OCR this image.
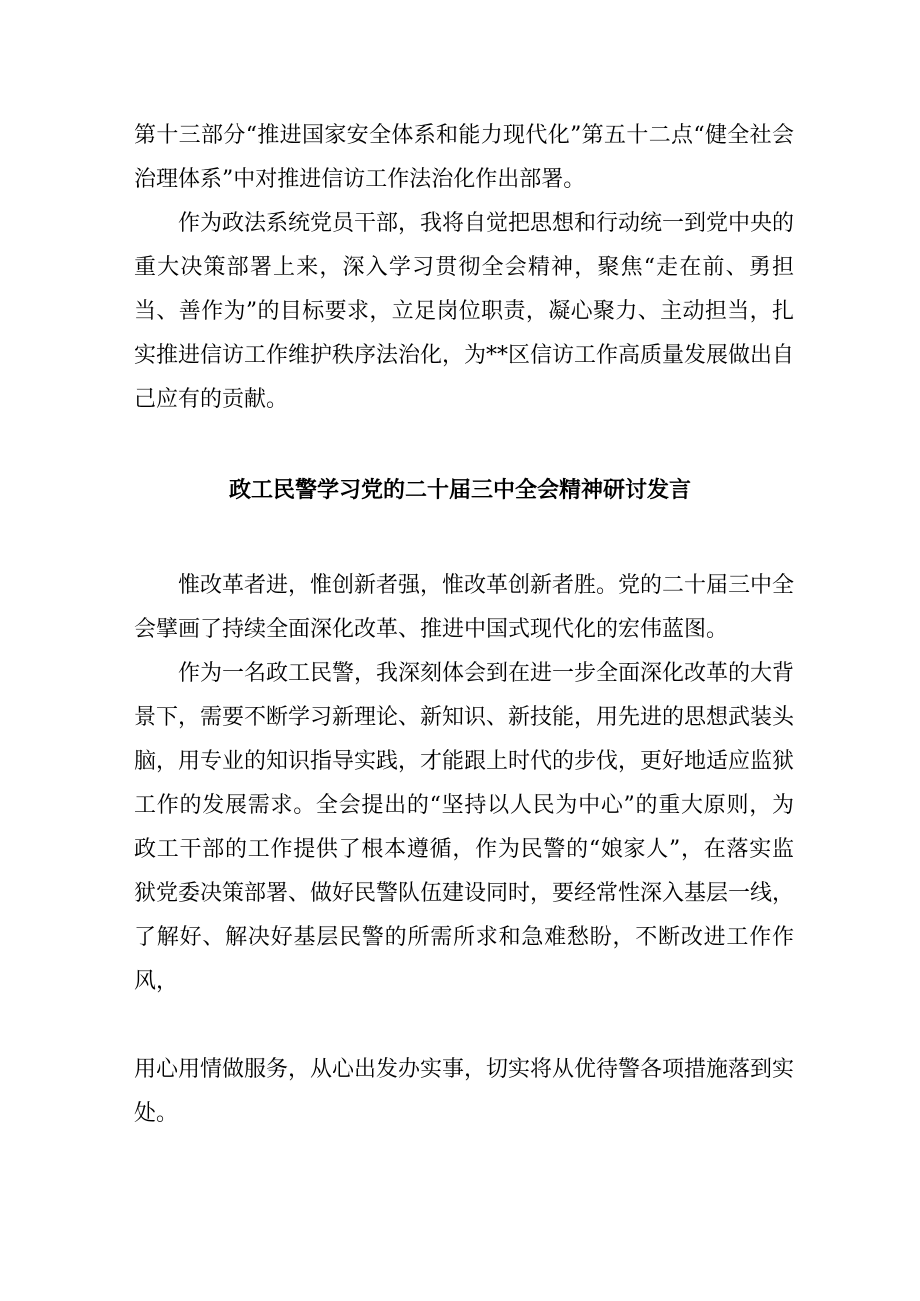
第十三部分“推进国家安全体系和能力现代化”第五十二点“健全社会治理体系”中对推进信访工作法治化作出部署。

作为政法系统党员干部，我将自觉把思想和行动统一到党中央的重大决策部署上来，深入学习贯彻全会精神，聚焦“走在前、勇担当、善作为”的目标要求，立足岗位职责，凝心聚力、主动担当，扎实推进信访工作维护秩序法治化，为**区信访工作高质量发展做出自己应有的贡献。

政工民警学习党的二十届三中全会精神研讨发言

惟改革者进，惟创新者强，惟改革创新者胜。党的二十届三中全会擘画了持续全面深化改革、推进中国式现代化的宏伟蓝图。

作为一名政工民警，我深刻体会到在进一步全面深化改革的大背景下，需要不断学习新理论、新知识、新技能，用先进的思想武装头脑，用专业的知识指导实践，才能跟上时代的步伐，更好地适应监狱工作的发展需求。全会提出的“坚持以人民为中心”的重大原则，为政工干部的工作提供了根本遵循，作为民警的“娘家人”，在落实监狱党委决策部署、做好民警队伍建设同时，要经常性深入基层一线，了解好、解决好基层民警的所需所求和急难愁盼，不断改进工作作风，

用心用情做服务，从心出发办实事，切实将从优待警各项措施落到实处。
